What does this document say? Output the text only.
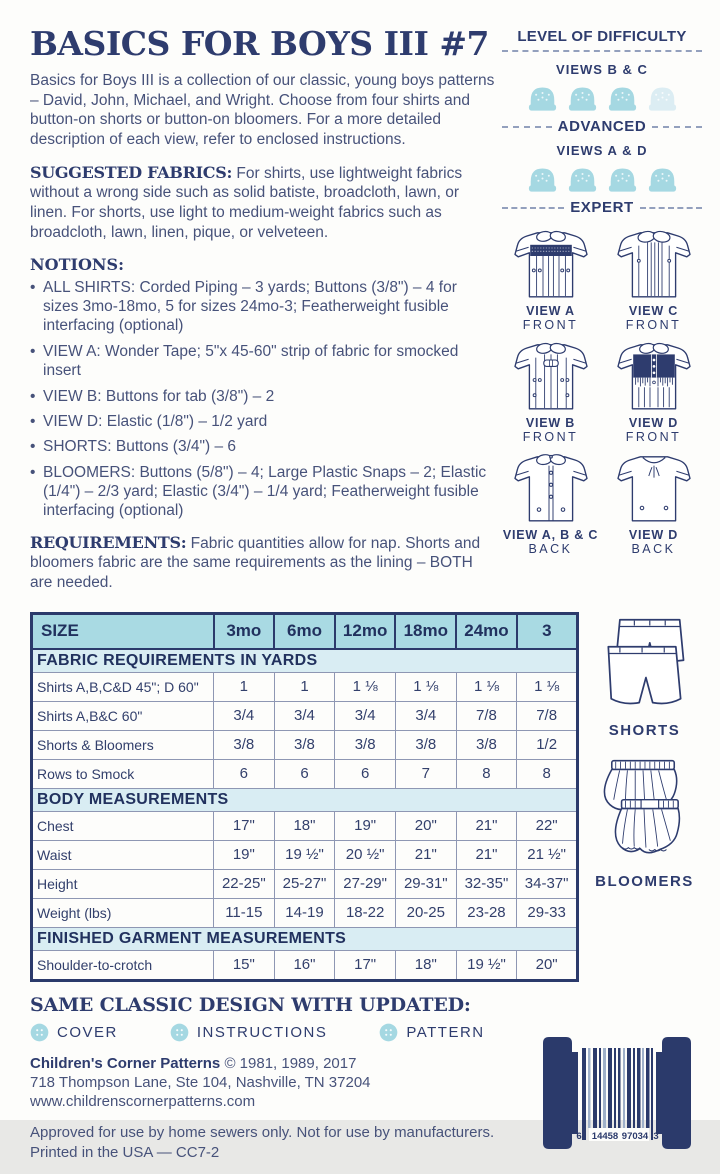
BASICS FOR BOYS III #7

Basics for Boys III is a collection of our classic, young boys patterns – David, John, Michael, and Wright. Choose from four shirts and button-on shorts or button-on bloomers. For a more detailed description of each view, refer to enclosed instructions.

SUGGESTED FABRICS: For shirts, use lightweight fabrics without a wrong side such as solid batiste, broadcloth, lawn, or linen. For shorts, use light to medium-weight fabrics such as broadcloth, lawn, linen, pique, or velveteen.

NOTIONS:

• ALL SHIRTS: Corded Piping – 3 yards; Buttons (3/8") – 4 for sizes 3mo-18mo, 5 for sizes 24mo-3; Featherweight fusible interfacing (optional)
• VIEW A: Wonder Tape; 5"x 45-60" strip of fabric for smocked insert
• VIEW B: Buttons for tab (3/8") – 2
• VIEW D: Elastic (1/8") – 1/2 yard
• SHORTS: Buttons (3/4") – 6
• BLOOMERS: Buttons (5/8") – 4; Large Plastic Snaps – 2; Elastic (1/4") – 2/3 yard; Elastic (3/4") – 1/4 yard; Featherweight fusible interfacing (optional)

REQUIREMENTS: Fabric quantities allow for nap. Shorts and bloomers fabric are the same requirements as the lining – BOTH are needed.

LEVEL OF DIFFICULTY
VIEWS B & C
ADVANCED
VIEWS A & D
EXPERT
VIEW A
FRONT
VIEW C
FRONT
VIEW B
FRONT
VIEW D
FRONT
VIEW A, B & C
BACK
VIEW D
BACK
SIZE	3mo	6mo	12mo	18mo	24mo	3
FABRIC REQUIREMENTS IN YARDS						
Shirts A,B,C&D 45"; D 60"	1	1	1 ⅛	1 ⅛	1 ⅛	1 ⅛
Shirts A,B&C 60"	3/4	3/4	3/4	3/4	7/8	7/8
Shorts & Bloomers	3/8	3/8	3/8	3/8	3/8	1/2
Rows to Smock	6	6	6	7	8	8
BODY MEASUREMENTS						
Chest	17"	18"	19"	20"	21"	22"
Waist	19"	19 ½"	20 ½"	21"	21"	21 ½"
Height	22-25"	25-27"	27-29"	29-31"	32-35"	34-37"
Weight (lbs)	11-15	14-19	18-22	20-25	23-28	29-33
FINISHED GARMENT MEASUREMENTS						
Shoulder-to-crotch	15"	16"	17"	18"	19 ½"	20"
SHORTS
BLOOMERS
SAME CLASSIC DESIGN WITH UPDATED:
COVER	INSTRUCTIONS	PATTERN
Children's Corner Patterns © 1981, 1989, 2017
718 Thompson Lane, Ste 104, Nashville, TN 37204
www.childrenscornerpatterns.com
Approved for use by home sewers only. Not for use by manufacturers.
Printed in the USA — CC7-2
6 14458 97034 3
